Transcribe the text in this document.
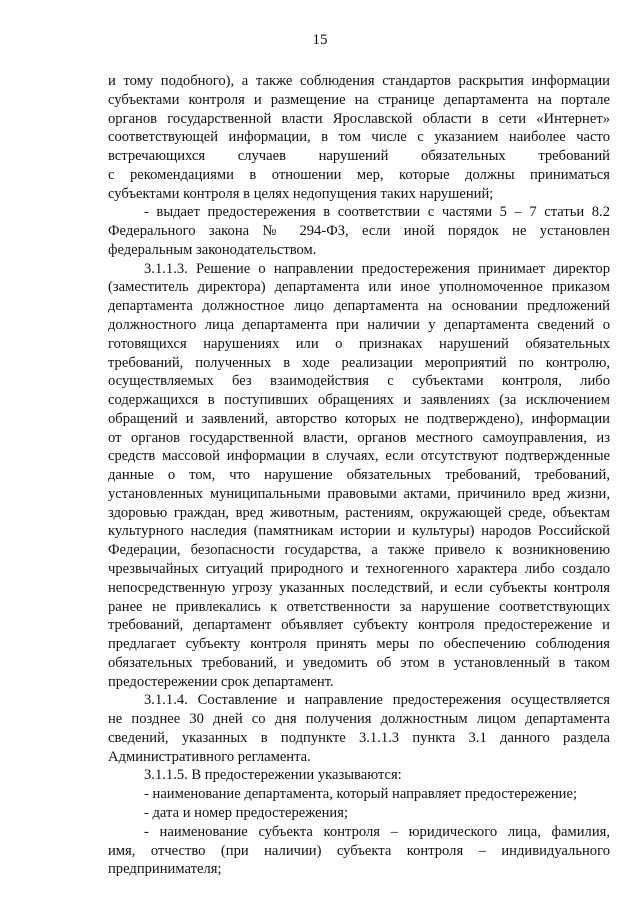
15
и тому подобного), а также соблюдения стандартов раскрытия информации
субъектами контроля и размещение на странице департамента на портале
органов государственной власти Ярославской области в сети «Интернет»
соответствующей информации, в том числе с указанием наиболее часто
встречающихся случаев нарушений обязательных требований
с рекомендациями в отношении мер, которые должны приниматься
субъектами контроля в целях недопущения таких нарушений;
- выдает предостережения в соответствии с частями 5 – 7 статьи 8.2
Федерального закона № 294-ФЗ, если иной порядок не установлен
федеральным законодательством.
3.1.1.3. Решение о направлении предостережения принимает директор
(заместитель директора) департамента или иное уполномоченное приказом
департамента должностное лицо департамента на основании предложений
должностного лица департамента при наличии у департамента сведений о
готовящихся нарушениях или о признаках нарушений обязательных
требований, полученных в ходе реализации мероприятий по контролю,
осуществляемых без взаимодействия с субъектами контроля, либо
содержащихся в поступивших обращениях и заявлениях (за исключением
обращений и заявлений, авторство которых не подтверждено), информации
от органов государственной власти, органов местного самоуправления, из
средств массовой информации в случаях, если отсутствуют подтвержденные
данные о том, что нарушение обязательных требований, требований,
установленных муниципальными правовыми актами, причинило вред жизни,
здоровью граждан, вред животным, растениям, окружающей среде, объектам
культурного наследия (памятникам истории и культуры) народов Российской
Федерации, безопасности государства, а также привело к возникновению
чрезвычайных ситуаций природного и техногенного характера либо создало
непосредственную угрозу указанных последствий, и если субъекты контроля
ранее не привлекались к ответственности за нарушение соответствующих
требований, департамент объявляет субъекту контроля предостережение и
предлагает субъекту контроля принять меры по обеспечению соблюдения
обязательных требований, и уведомить об этом в установленный в таком
предостережении срок департамент.
3.1.1.4. Составление и направление предостережения осуществляется
не позднее 30 дней со дня получения должностным лицом департамента
сведений, указанных в подпункте 3.1.1.3 пункта 3.1 данного раздела
Административного регламента.
3.1.1.5. В предостережении указываются:
- наименование департамента, который направляет предостережение;
- дата и номер предостережения;
- наименование субъекта контроля – юридического лица, фамилия,
имя, отчество (при наличии) субъекта контроля – индивидуального
предпринимателя;
